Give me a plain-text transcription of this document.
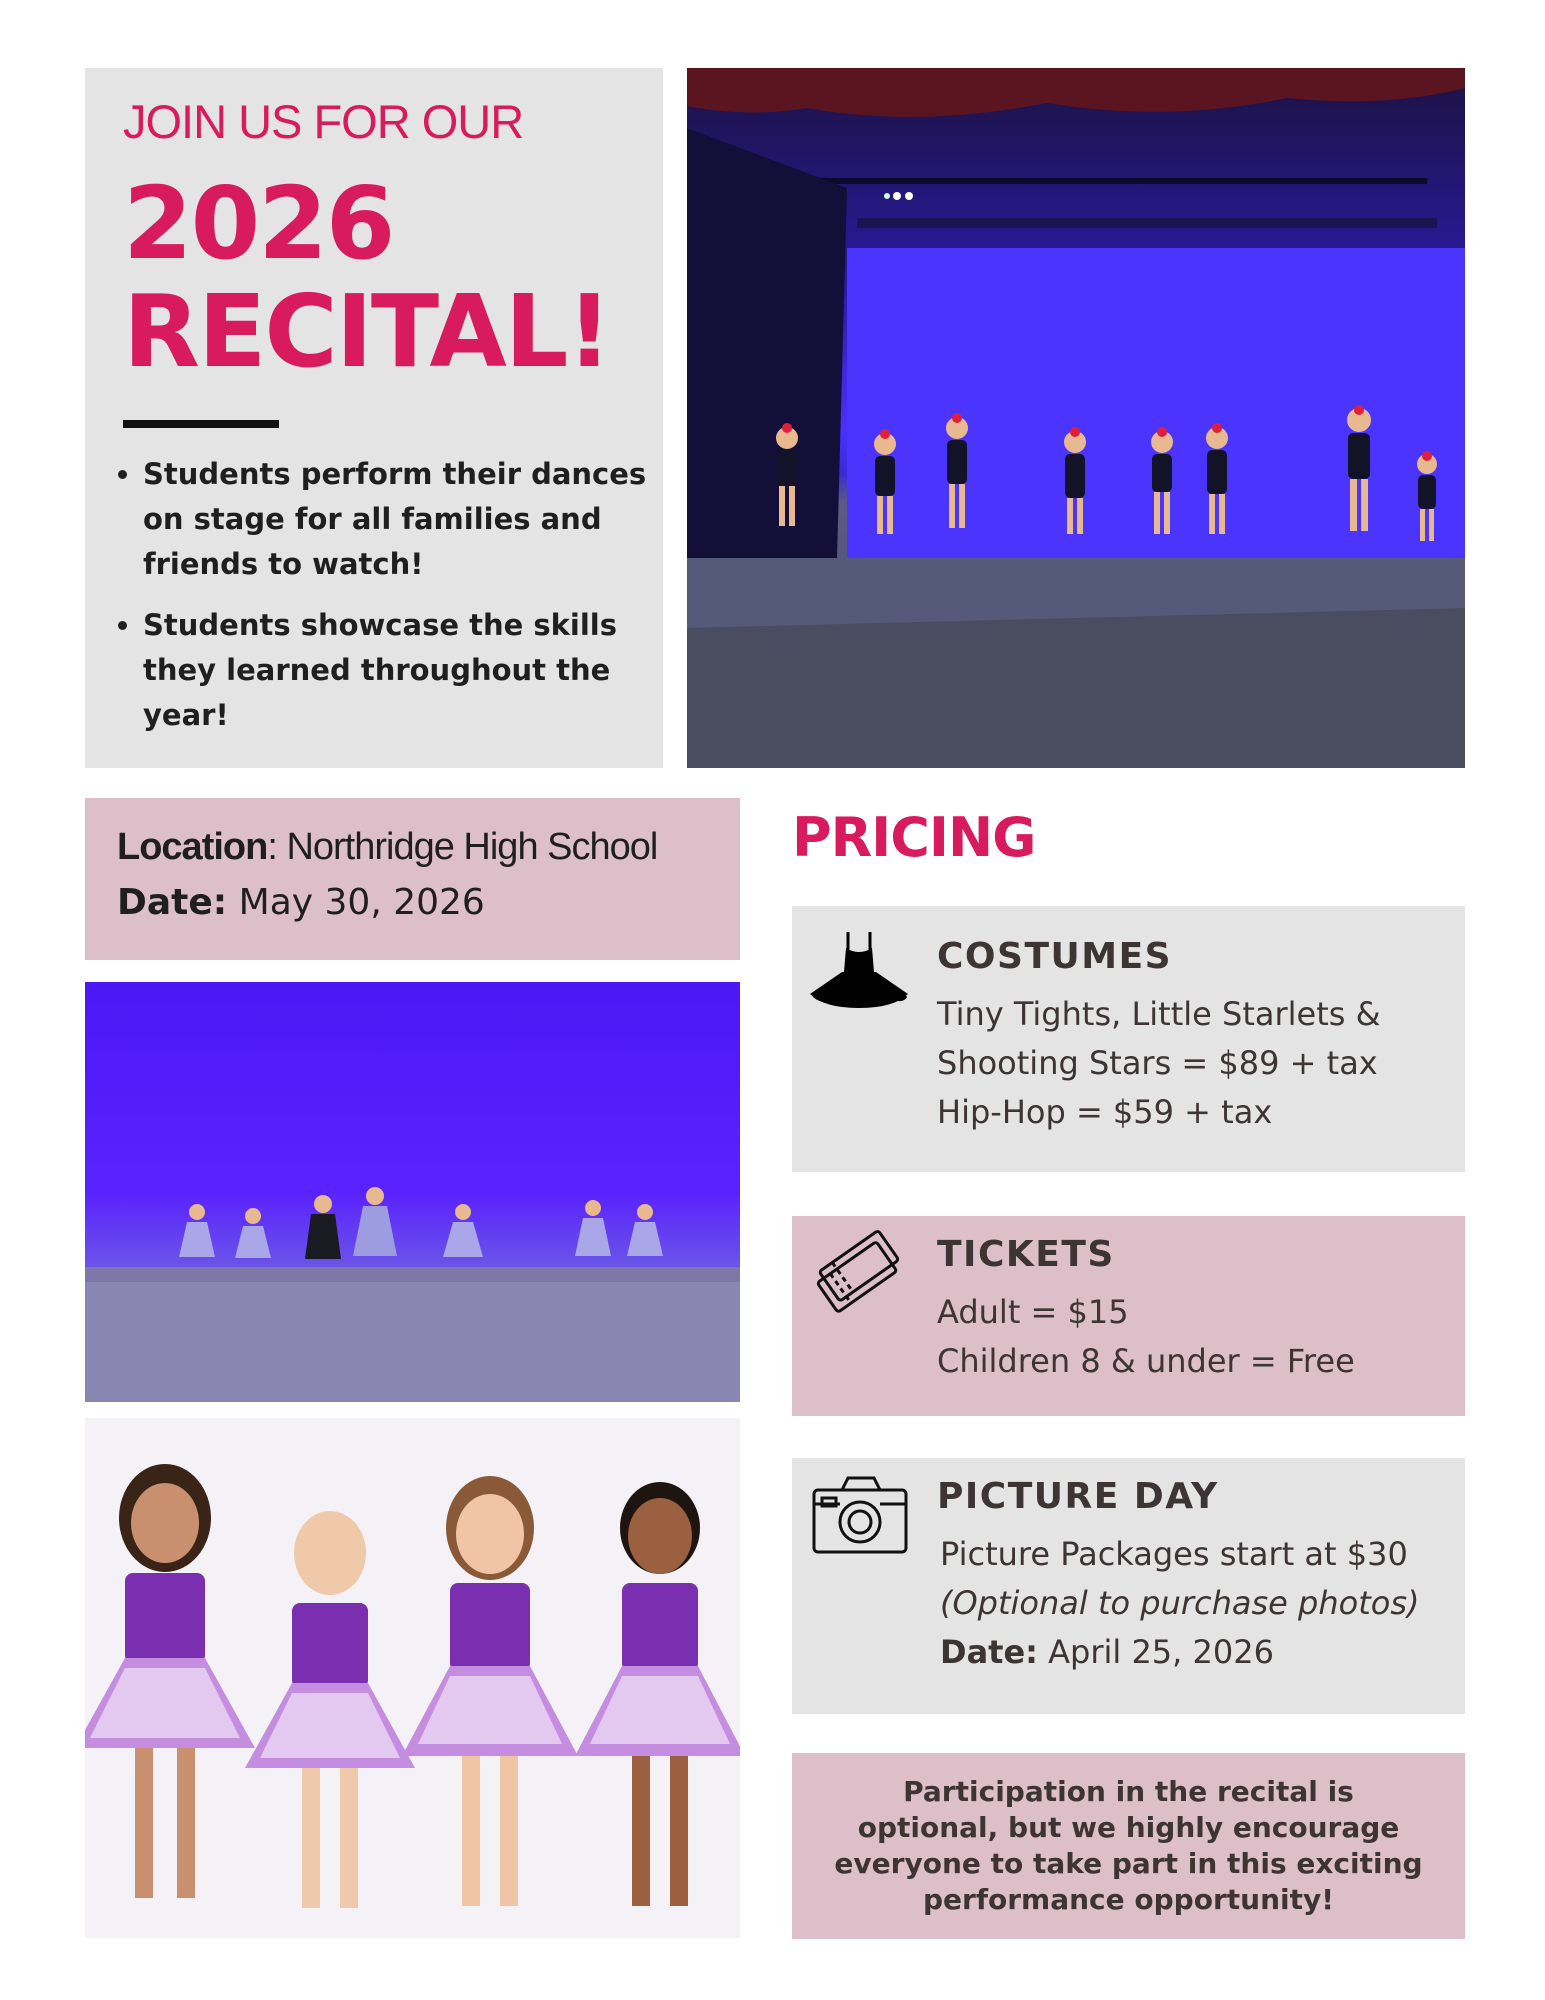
JOIN US FOR OUR
2026
RECITAL!
• Students perform their dances on stage for all families and friends to watch!
• Students showcase the skills they learned throughout the year!
Location: Northridge High School
Date: May 30, 2026
PRICING
COSTUMES
Tiny Tights, Little Starlets &
Shooting Stars = $89 + tax
Hip-Hop = $59 + tax
TICKETS
Adult = $15
Children 8 & under = Free
PICTURE DAY
Picture Packages start at $30
(Optional to purchase photos)
Date: April 25, 2026
Participation in the recital is optional, but we highly encourage everyone to take part in this exciting performance opportunity!
